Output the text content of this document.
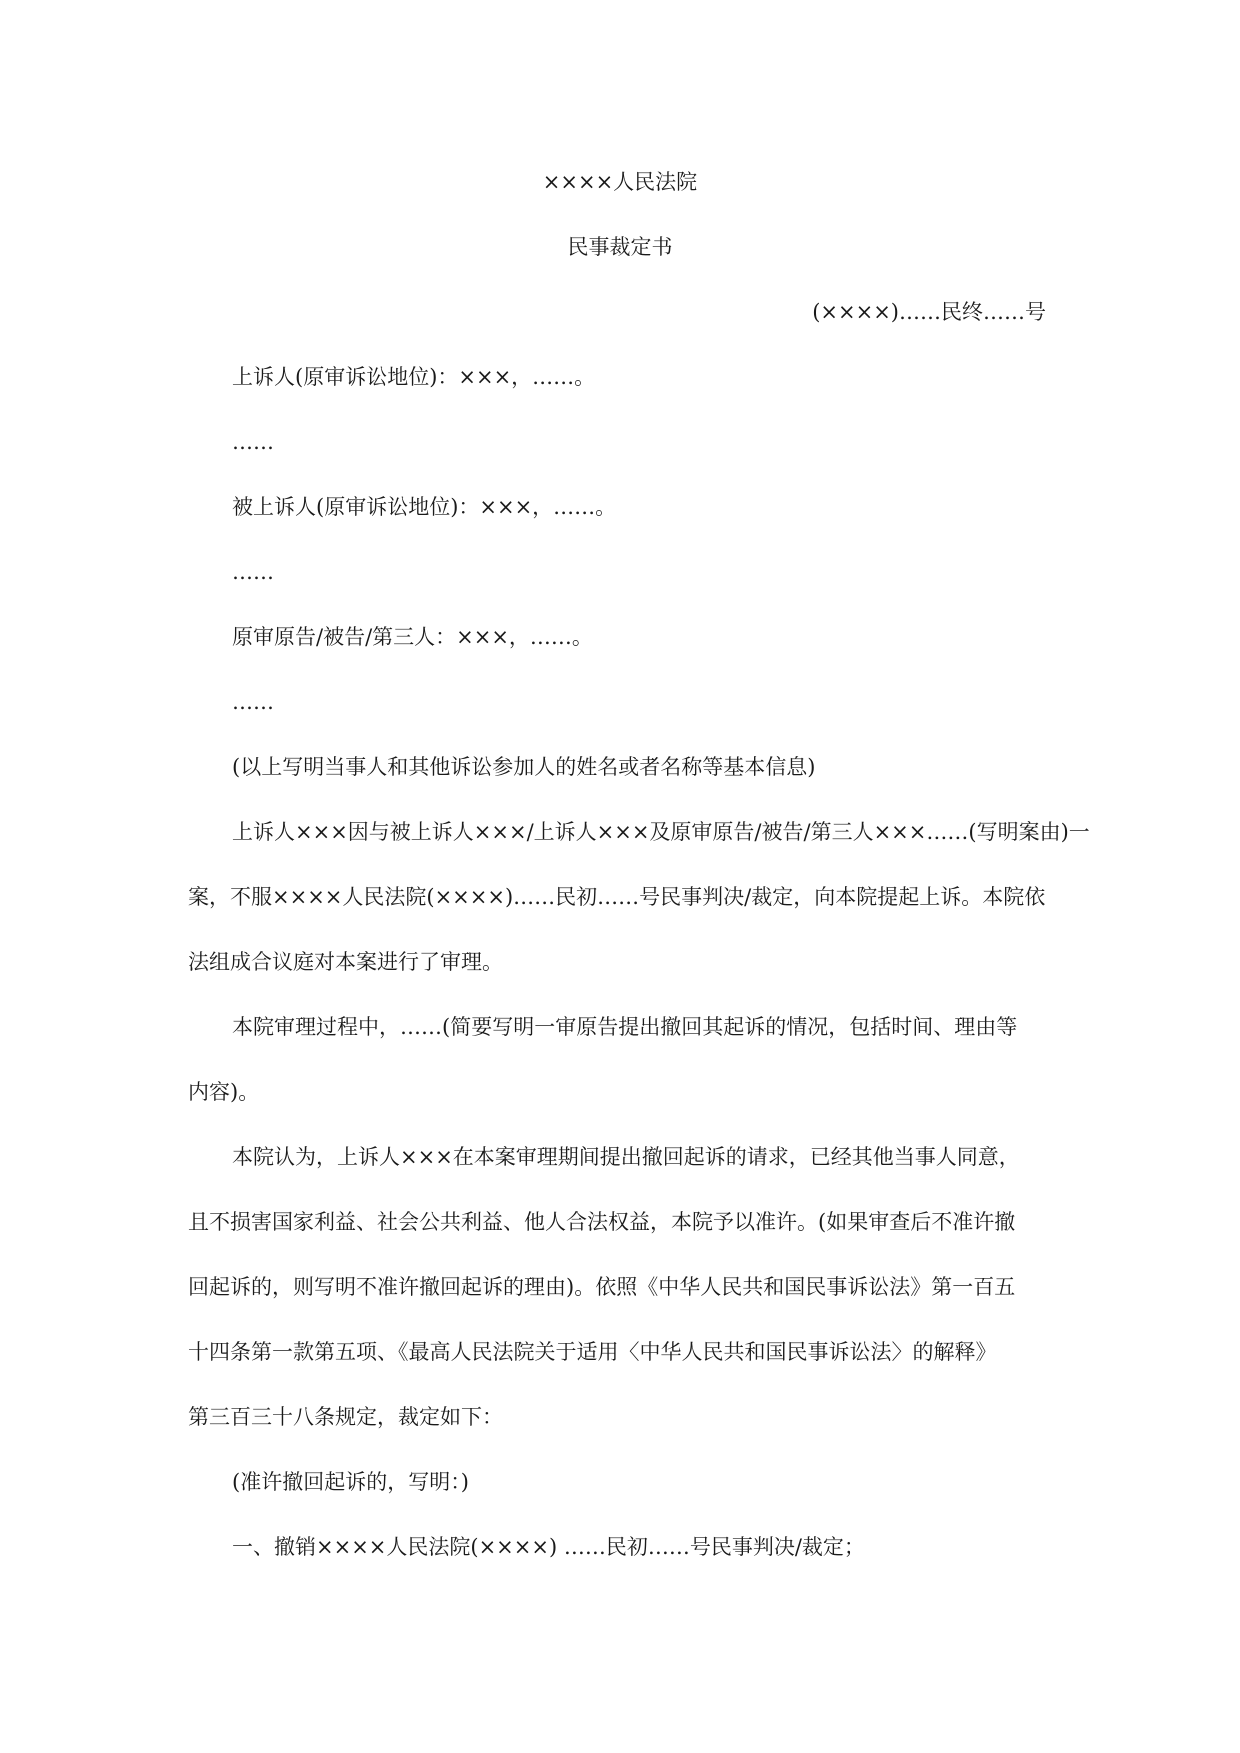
××××人民法院
民事裁定书
(××××)……民终……号
上诉人(原审诉讼地位)：×××，……。
……
被上诉人(原审诉讼地位)：×××，……。
……
原审原告/被告/第三人：×××，……。
……
(以上写明当事人和其他诉讼参加人的姓名或者名称等基本信息)
上诉人×××因与被上诉人×××/上诉人×××及原审原告/被告/第三人×××……(写明案由)一
案，不服××××人民法院(××××)……民初……号民事判决/裁定，向本院提起上诉。本院依
法组成合议庭对本案进行了审理。
本院审理过程中，……(简要写明一审原告提出撤回其起诉的情况，包括时间、理由等
内容)。
本院认为，上诉人×××在本案审理期间提出撤回起诉的请求，已经其他当事人同意，
且不损害国家利益、社会公共利益、他人合法权益，本院予以准许。(如果审查后不准许撤
回起诉的，则写明不准许撤回起诉的理由)。依照《中华人民共和国民事诉讼法》第一百五
十四条第一款第五项、《最高人民法院关于适用〈中华人民共和国民事诉讼法〉的解释》
第三百三十八条规定，裁定如下：
(准许撤回起诉的，写明：)
一、撤销××××人民法院(××××) ……民初……号民事判决/裁定；
